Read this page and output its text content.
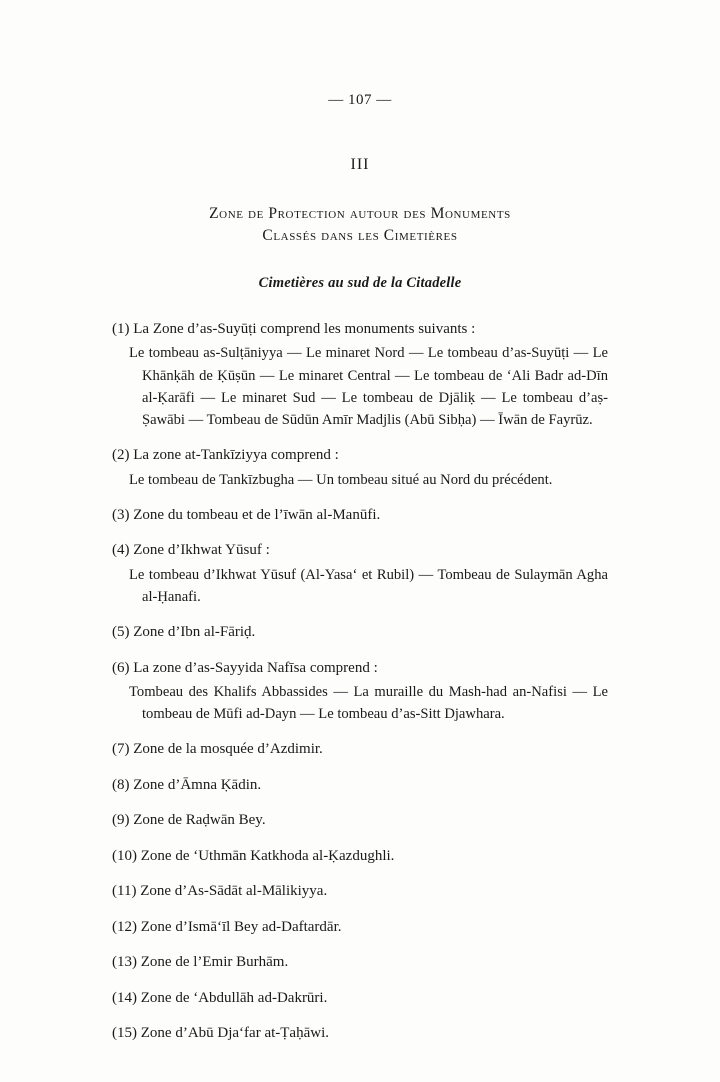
— 107 —
III
Zone de Protection autour des Monuments
Classés dans les Cimetières
Cimetières au sud de la Citadelle
(1) La Zone d’as-Suyūṭi comprend les monuments suivants :
Le tombeau as-Sulṭāniyya — Le minaret Nord — Le tombeau d’as-Suyūṭi — Le Khānḳāh de Ḳūṣūn — Le minaret Central — Le tombeau de ‘Ali Badr ad-Dīn al-Ḳarāfi — Le minaret Sud — Le tombeau de Djāliḳ — Le tombeau d’aṣ-Ṣawābi — Tombeau de Sūdūn Amīr Madjlis (Abū Sibḥa) — Īwān de Fayrūz.
(2) La zone at-Tankīziyya comprend :
Le tombeau de Tankīzbugha — Un tombeau situé au Nord du précédent.
(3) Zone du tombeau et de l’īwān al-Manūfi.
(4) Zone d’Ikhwat Yūsuf :
Le tombeau d’Ikhwat Yūsuf (Al-Yasa‘ et Rubil) — Tombeau de Sulaymān Agha al-Ḥanafi.
(5) Zone d’Ibn al-Fāriḍ.
(6) La zone d’as-Sayyida Nafīsa comprend :
Tombeau des Khalifs Abbassides — La muraille du Mash-had an-Nafisi — Le tombeau de Mūfi ad-Dayn — Le tombeau d’as-Sitt Djawhara.
(7) Zone de la mosquée d’Azdimir.
(8) Zone d’Āmna Ḳādin.
(9) Zone de Raḍwān Bey.
(10) Zone de ‘Uthmān Katkhoda al-Ḳazdughli.
(11) Zone d’As-Sādāt al-Mālikiyya.
(12) Zone d’Ismā‘īl Bey ad-Daftardār.
(13) Zone de l’Emir Burhām.
(14) Zone de ‘Abdullāh ad-Dakrūri.
(15) Zone d’Abū Dja‘far at-Ṭaḥāwi.
